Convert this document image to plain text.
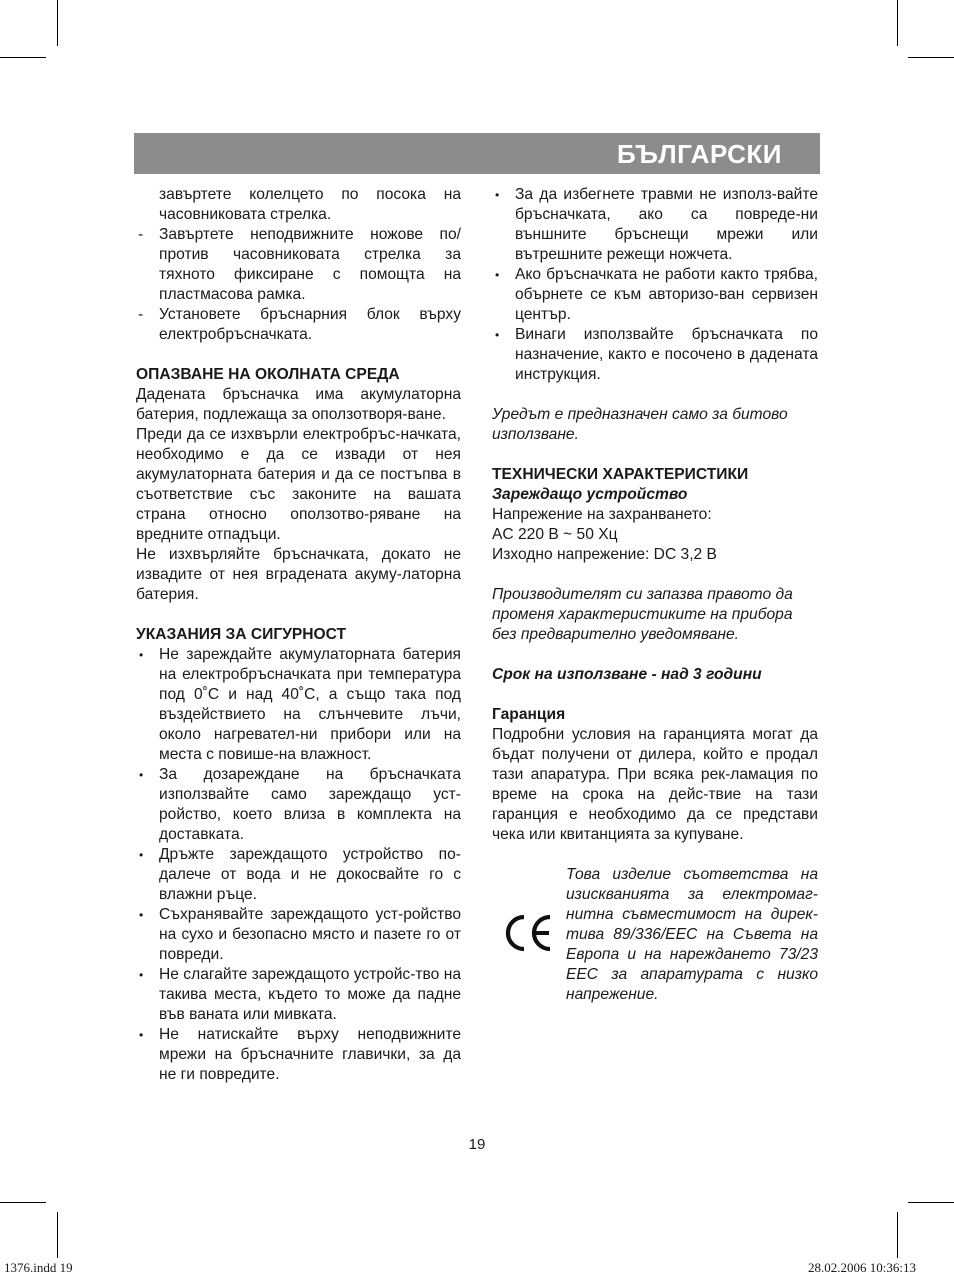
БЪЛГАРСКИ

завъртете колелцето по посока на часовниковата стрелка.

- Завъртете неподвижните ножове по/против часовниковата стрелка за тяхното фиксиране с помощта на пластмасова рамка.

- Установете бръснарния блок върху електробръсначката.

ОПАЗВАНЕ НА ОКОЛНАТА СРЕДА

Дадената бръсначка има акумулаторна батерия, подлежаща за оползотворя-ване.

Преди да се изхвърли електробръс-начката, необходимо е да се извади от нея акумулаторната батерия и да се постъпва в съответствие със законите на вашата страна относно оползотво-ряване на вредните отпадъци.

Не изхвърляйте бръсначката, докато не извадите от нея вградената акуму-латорна батерия.

УКАЗАНИЯ ЗА СИГУРНОСТ

• Не зареждайте акумулаторната батерия на електробръсначката при температура под 0˚С и над 40˚С, а също така под въздействието на слънчевите лъчи, около нагревател-ни прибори или на места с повише-на влажност.

• За дозареждане на бръсначката използвайте само зареждащо уст-ройство, което влиза в комплекта на доставката.

• Дръжте зареждащото устройство по-далече от вода и не докосвайте го с влажни ръце.

• Съхранявайте зареждащото уст-ройство на сухо и безопасно място и пазете го от повреди.

• Не слагайте зареждащото устройс-тво на такива места, където то може да падне във ваната или мивката.

• Не натискайте върху неподвижните мрежи на бръсначните главички, за да не ги повредите.

• За да избегнете травми не използ-вайте бръсначката, ако са повреде-ни външните бръснещи мрежи или вътрешните режещи ножчета.

• Ако бръсначката не работи както трябва, обърнете се към авторизо-ван сервизен център.

• Винаги използвайте бръсначката по назначение, както е посочено в дадената инструкция.

Уредът е предназначен само за битово използване.

ТЕХНИЧЕСКИ ХАРАКТЕРИСТИКИ

Зареждащо устройство

Напрежение на захранването:

AC 220 В ~ 50 Хц

Изходно напрежение: DC 3,2 В

Производителят си запазва правото да променя характеристиките на прибора без предварително уведомяване.

Срок на използване - над 3 години

Гаранция

Подробни условия на гаранцията могат да бъдат получени от дилера, който е продал тази апаратура. При всяка рек-ламация по време на срока на дейс-твие на тази гаранция е необходимо да се представи чека или квитанцията за купуване.

Това изделие съответства на изискванията за електромаг-нитна съвместимост на дирек-тива 89/336/ЕЕС на Съвета на Европа и на нареждането 73/23 ЕЕС за апаратурата с низко напрежение.
19
1376.indd 19	28.02.2006 10:36:13
